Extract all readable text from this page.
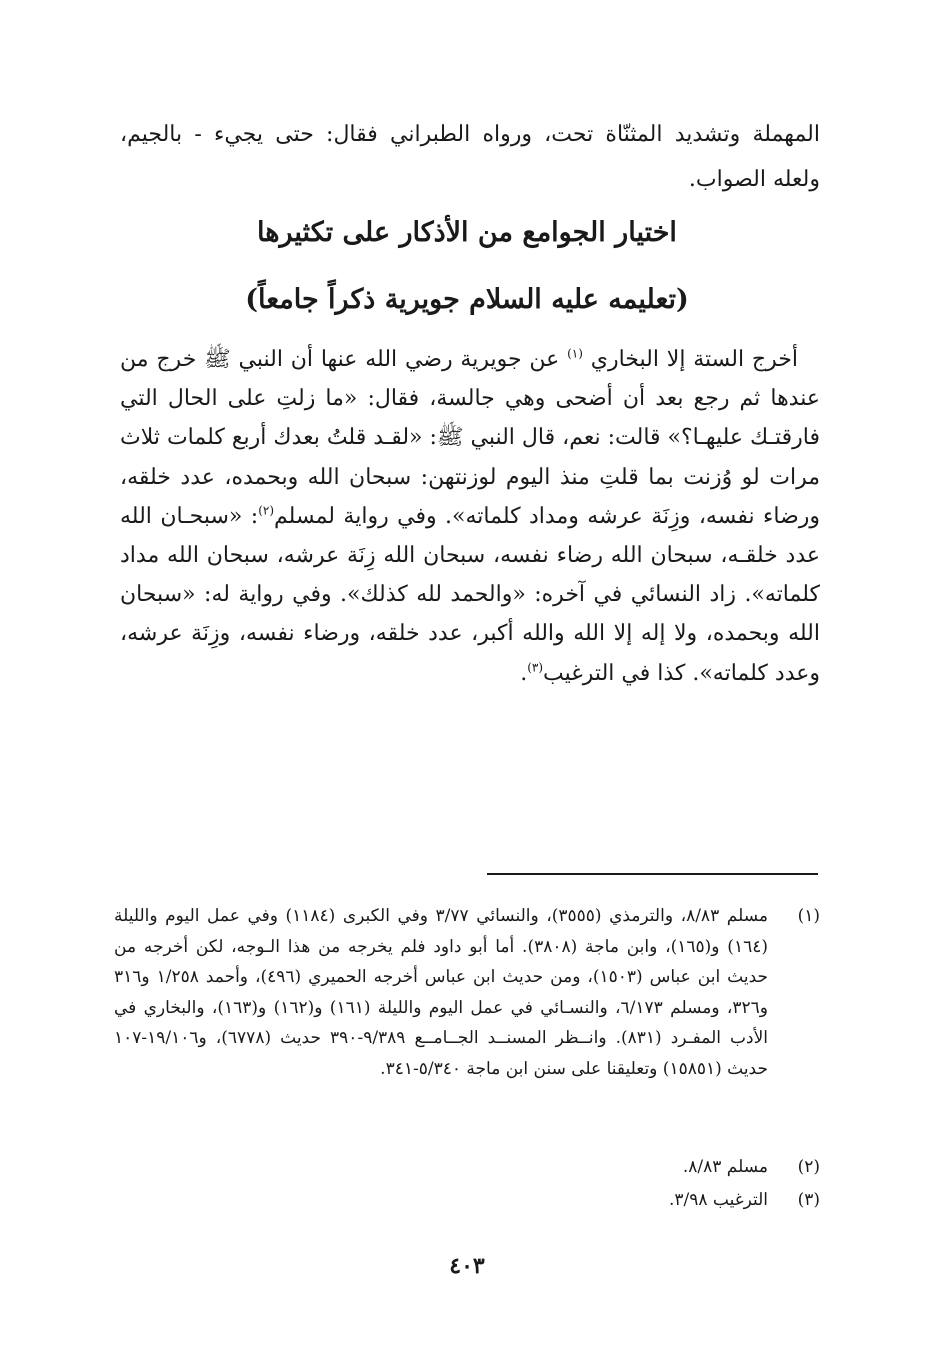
المهملة وتشديد المثنّاة تحت، ورواه الطبراني فقال: حتى يجيء - بالجيم، ولعله الصواب.

اختيار الجوامع من الأذكار على تكثيرها
(تعليمه عليه السلام جويرية ذكراً جامعاً)

أخرج الستة إلا البخاري $^{(١)}$ عن جويرية رضي الله عنها أن النبي ﷺ خرج من عندها ثم رجع بعد أن أضحى وهي جالسة، فقال: «ما زلتِ على الحال التي فارقتـك عليهـا؟» قالت: نعم، قال النبي ﷺ: «لقـد قلتُ بعدك أربع كلمات ثلاث مرات لو وُزنت بما قلتِ منذ اليوم لوزنتهن: سبحان الله وبحمده، عدد خلقه، ورضاء نفسه، وزِنَة عرشه ومداد كلماته». وفي رواية لمسلم$^{(٢)}$: «سبحـان الله عدد خلقـه، سبحان الله رضاء نفسه، سبحان الله زِنَة عرشه، سبحان الله مداد كلماته». زاد النسائي في آخره: «والحمد لله كذلك». وفي رواية له: «سبحان الله وبحمده، ولا إله إلا الله والله أكبر، عدد خلقه، ورضاء نفسه، وزِنَة عرشه، وعدد كلماته». كذا في الترغيب$^{(٣)}$.

(١)
مسلم ٨/٨٣، والترمذي (٣٥٥٥)، والنسائي ٣/٧٧ وفي الكبرى (١١٨٤) وفي عمل اليوم والليلة (١٦٤) و(١٦٥)، وابن ماجة (٣٨٠٨). أما أبو داود فلم يخرجه من هذا الـوجه، لكن أخرجه من حديث ابن عباس (١٥٠٣)، ومن حديث ابن عباس أخرجه الحميري (٤٩٦)، وأحمد ١/٢٥٨ و٣١٦ و٣٢٦، ومسلم ٦/١٧٣، والنسـائي في عمل اليوم والليلة (١٦١) و(١٦٢) و(١٦٣)، والبخاري في الأدب المفـرد (٨٣١). وانــظر المسنــد الجــامــع ٩/٣٨٩-٣٩٠ حديث (٦٧٧٨)، و١٩/١٠٦-١٠٧ حديث (١٥٨٥١) وتعليقنا على سنن ابن ماجة ٥/٣٤٠-٣٤١.
(٢)
مسلم ٨/٨٣.
(٣)
الترغيب ٣/٩٨.
٤٠٣
